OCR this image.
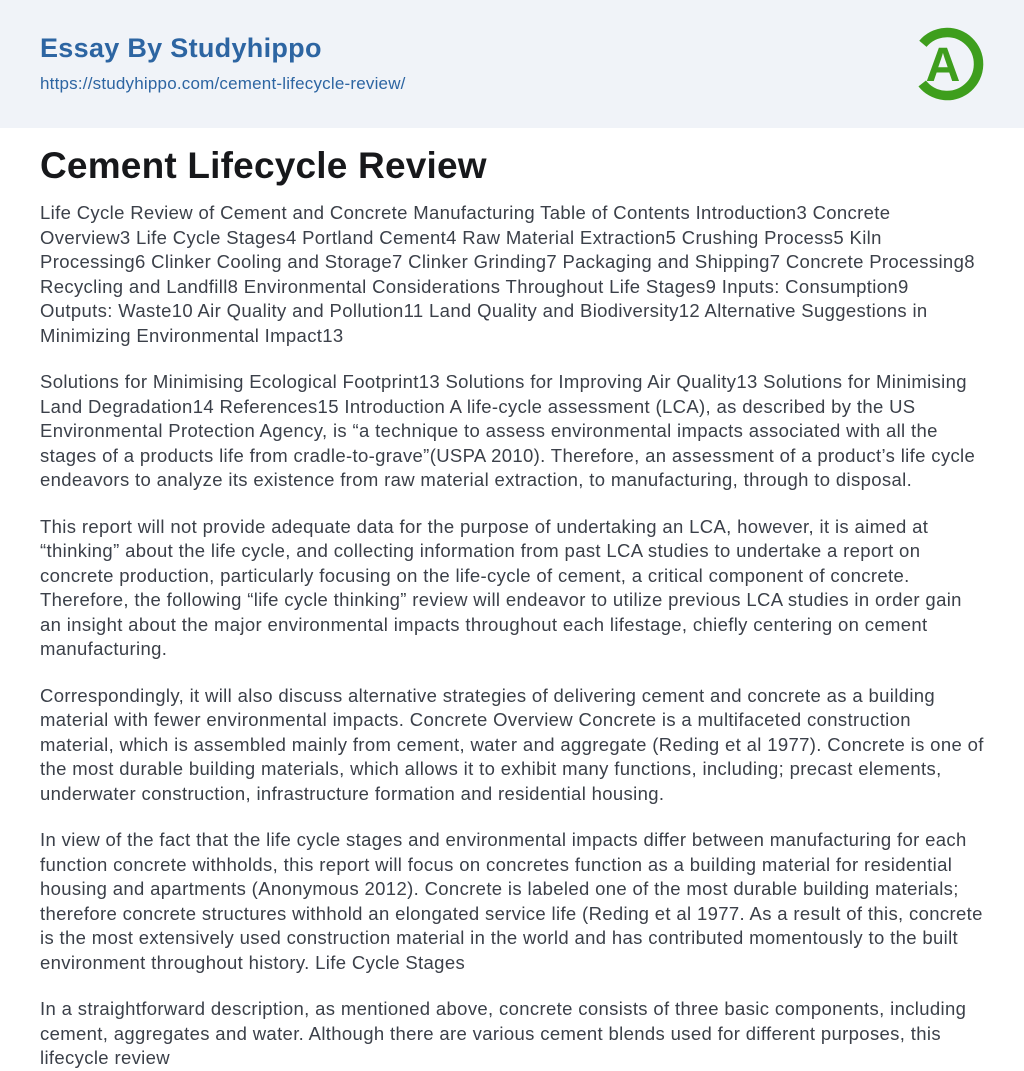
Essay By Studyhippo
https://studyhippo.com/cement-lifecycle-review/	A
Cement Lifecycle Review

Life Cycle Review of Cement and Concrete Manufacturing Table of Contents Introduction3 Concrete Overview3 Life Cycle Stages4 Portland Cement4 Raw Material Extraction5 Crushing Process5 Kiln Processing6 Clinker Cooling and Storage7 Clinker Grinding7 Packaging and Shipping7 Concrete Processing8 Recycling and Landfill8 Environmental Considerations Throughout Life Stages9 Inputs: Consumption9 Outputs: Waste10 Air Quality and Pollution11 Land Quality and Biodiversity12 Alternative Suggestions in Minimizing Environmental Impact13

Solutions for Minimising Ecological Footprint13 Solutions for Improving Air Quality13 Solutions for Minimising Land Degradation14 References15 Introduction A life-cycle assessment (LCA), as described by the US Environmental Protection Agency, is “a technique to assess environmental impacts associated with all the stages of a products life from cradle-to-grave”(USPA 2010). Therefore, an assessment of a product’s life cycle endeavors to analyze its existence from raw material extraction, to manufacturing, through to disposal.

This report will not provide adequate data for the purpose of undertaking an LCA, however, it is aimed at “thinking” about the life cycle, and collecting information from past LCA studies to undertake a report on concrete production, particularly focusing on the life-cycle of cement, a critical component of concrete. Therefore, the following “life cycle thinking” review will endeavor to utilize previous LCA studies in order gain an insight about the major environmental impacts throughout each lifestage, chiefly centering on cement manufacturing.

Correspondingly, it will also discuss alternative strategies of delivering cement and concrete as a building material with fewer environmental impacts. Concrete Overview Concrete is a multifaceted construction material, which is assembled mainly from cement, water and aggregate (Reding et al 1977). Concrete is one of the most durable building materials, which allows it to exhibit many functions, including; precast elements, underwater construction, infrastructure formation and residential housing.

In view of the fact that the life cycle stages and environmental impacts differ between manufacturing for each function concrete withholds, this report will focus on concretes function as a building material for residential housing and apartments (Anonymous 2012). Concrete is labeled one of the most durable building materials; therefore concrete structures withhold an elongated service life (Reding et al 1977. As a result of this, concrete is the most extensively used construction material in the world and has contributed momentously to the built environment throughout history. Life Cycle Stages

In a straightforward description, as mentioned above, concrete consists of three basic components, including cement, aggregates and water. Although there are various cement blends used for different purposes, this lifecycle review
